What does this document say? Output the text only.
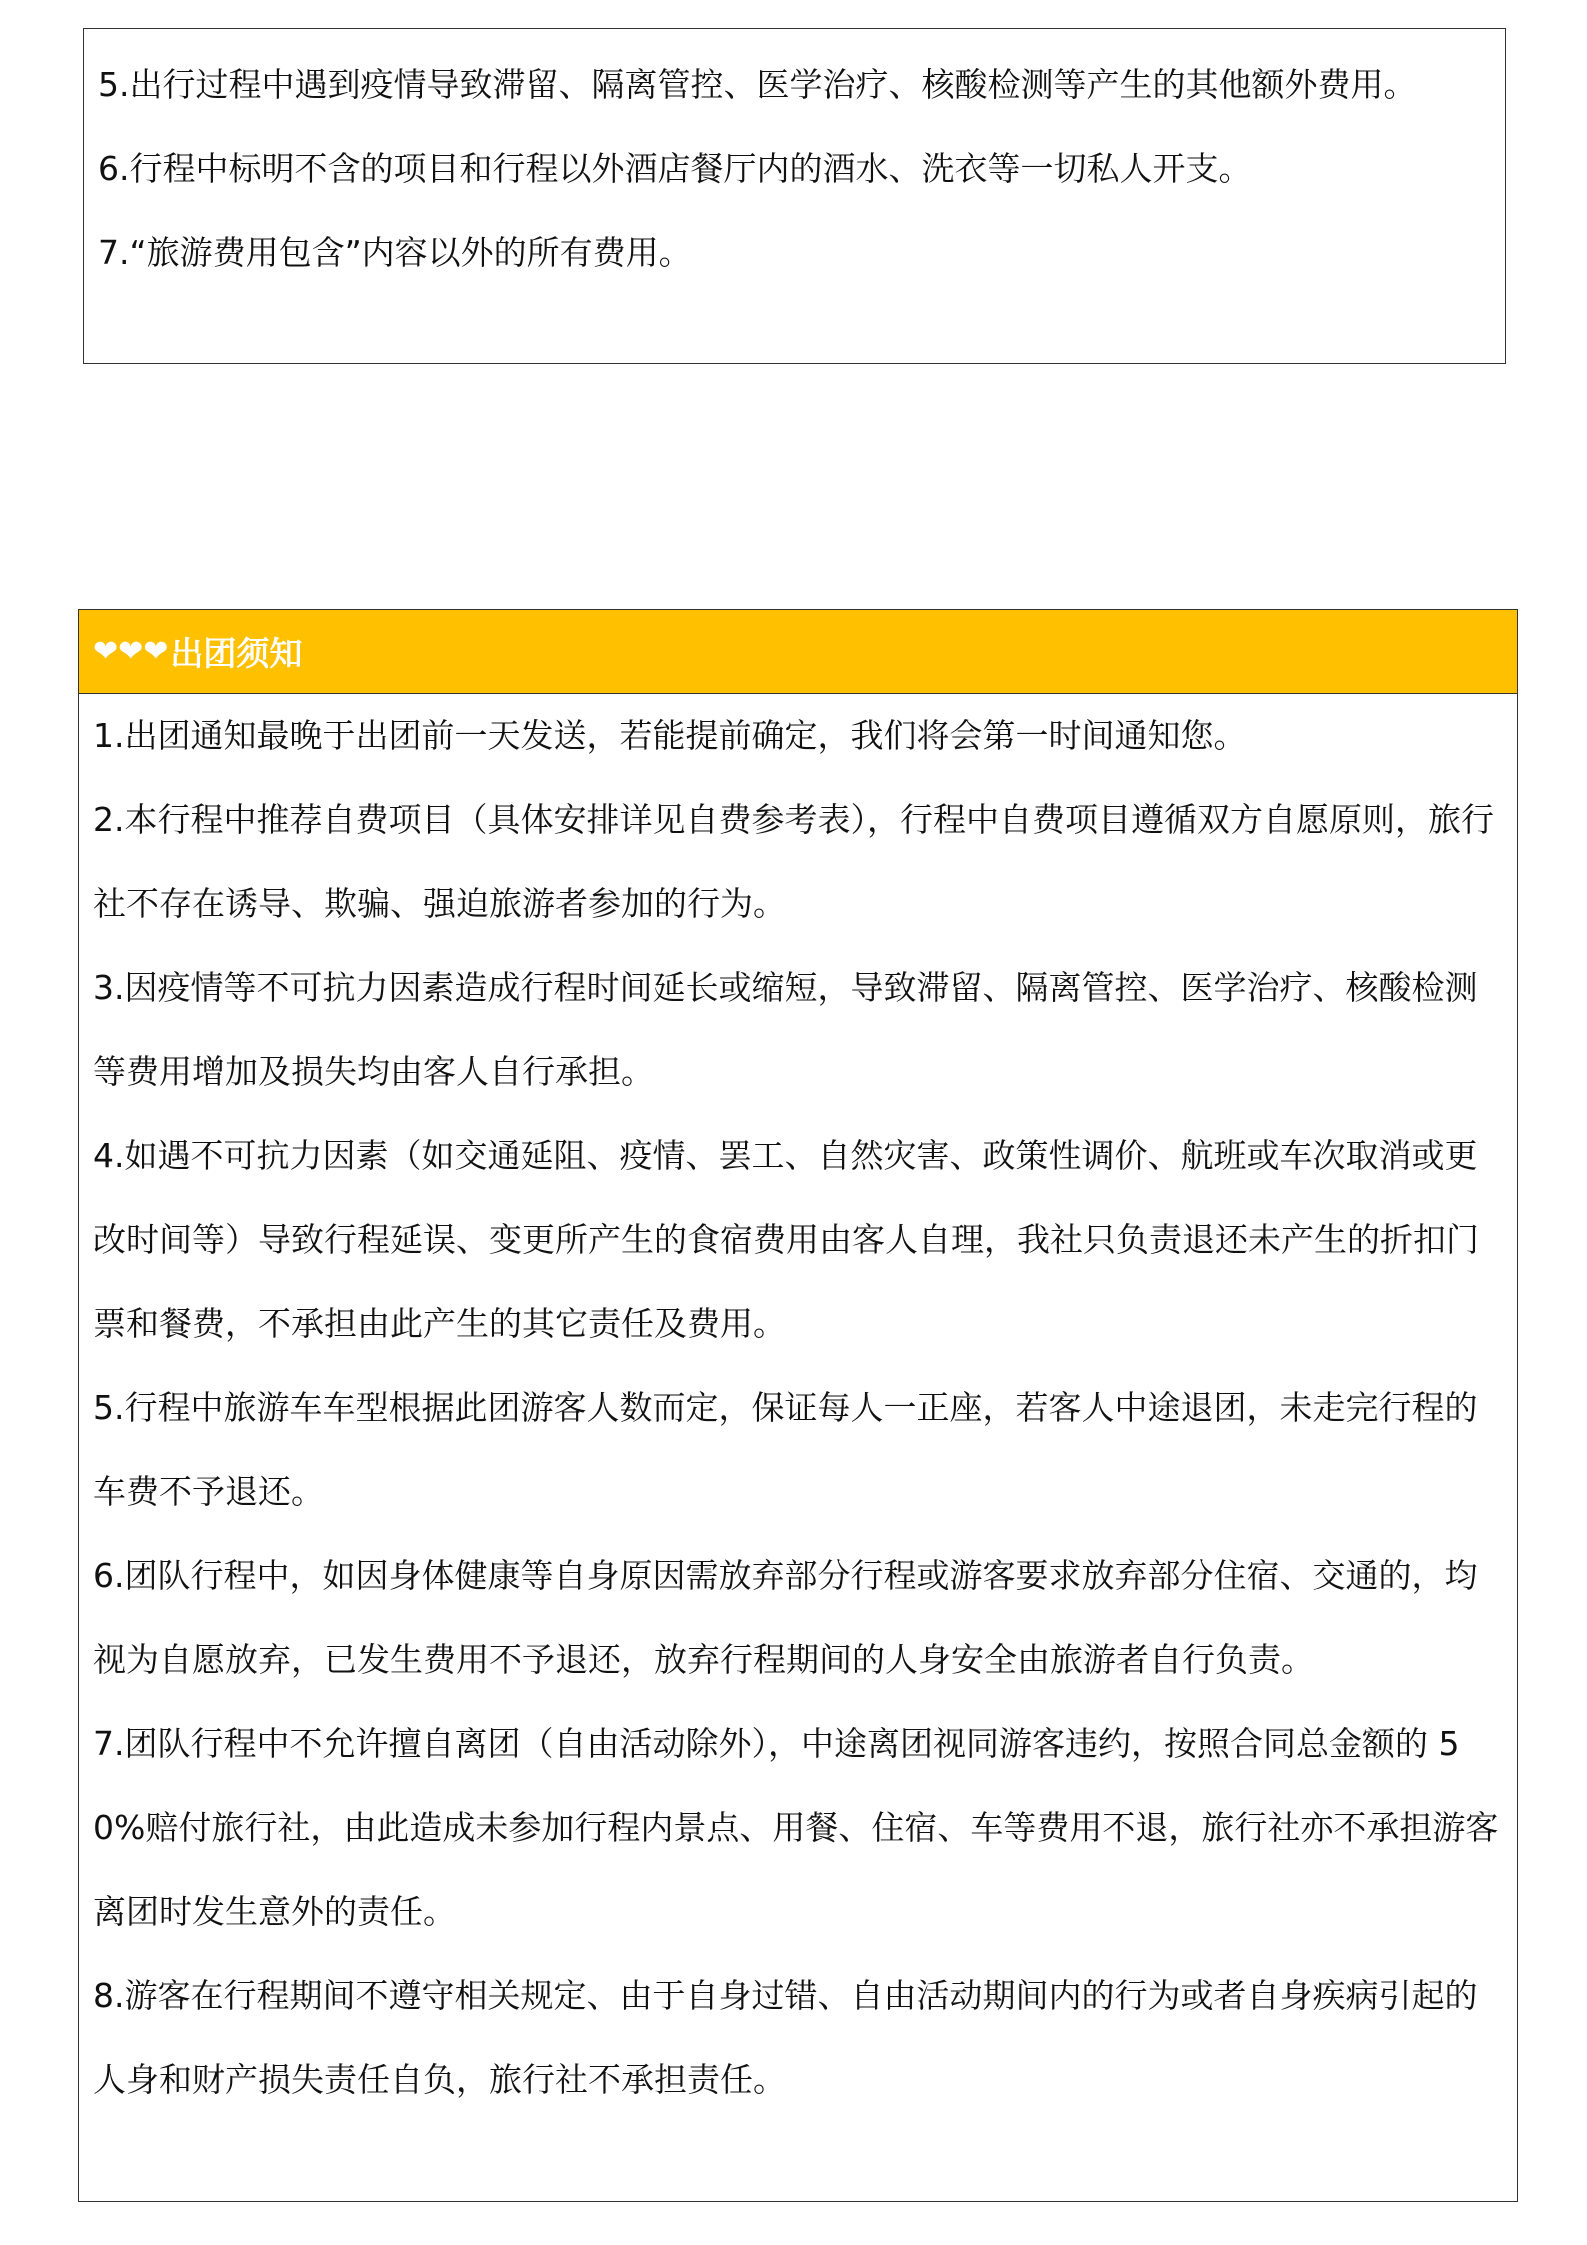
5.出行过程中遇到疫情导致滞留、隔离管控、医学治疗、核酸检测等产生的其他额外费用。

6.行程中标明不含的项目和行程以外酒店餐厅内的酒水、洗衣等一切私人开支。

7.“旅游费用包含”内容以外的所有费用。

❤❤❤ 出团须知

1.出团通知最晚于出团前一天发送，若能提前确定，我们将会第一时间通知您。

2.本行程中推荐自费项目（具体安排详见自费参考表），行程中自费项目遵循双方自愿原则，旅行社不存在诱导、欺骗、强迫旅游者参加的行为。

3.因疫情等不可抗力因素造成行程时间延长或缩短，导致滞留、隔离管控、医学治疗、核酸检测等费用增加及损失均由客人自行承担。

4.如遇不可抗力因素（如交通延阻、疫情、罢工、自然灾害、政策性调价、航班或车次取消或更改时间等）导致行程延误、变更所产生的食宿费用由客人自理，我社只负责退还未产生的折扣门票和餐费，不承担由此产生的其它责任及费用。

5.行程中旅游车车型根据此团游客人数而定，保证每人一正座，若客人中途退团，未走完行程的车费不予退还。

6.团队行程中，如因身体健康等自身原因需放弃部分行程或游客要求放弃部分住宿、交通的，均视为自愿放弃，已发生费用不予退还，放弃行程期间的人身安全由旅游者自行负责。

7.团队行程中不允许擅自离团（自由活动除外），中途离团视同游客违约，按照合同总金额的 50%赔付旅行社，由此造成未参加行程内景点、用餐、住宿、车等费用不退，旅行社亦不承担游客离团时发生意外的责任。

8.游客在行程期间不遵守相关规定、由于自身过错、自由活动期间内的行为或者自身疾病引起的人身和财产损失责任自负，旅行社不承担责任。
